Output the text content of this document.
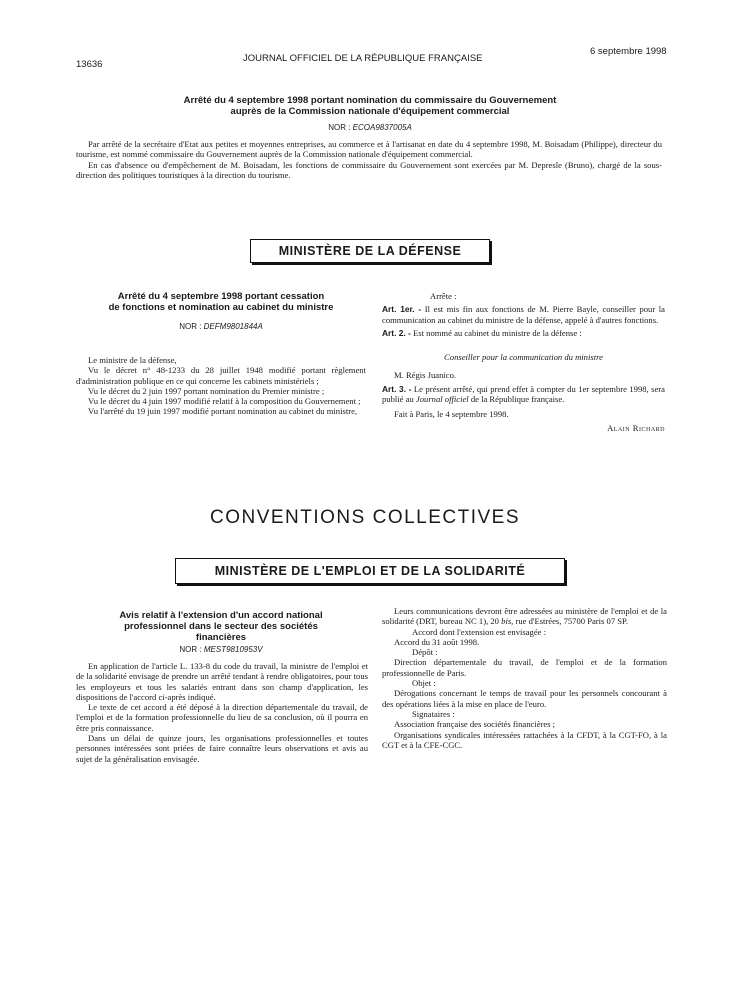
13636
JOURNAL OFFICIEL DE LA RÉPUBLIQUE FRANÇAISE
6 septembre 1998
Arrêté du 4 septembre 1998 portant nomination du commissaire du Gouvernement
auprès de la Commission nationale d'équipement commercial
NOR : ECOA9837005A

Par arrêté de la secrétaire d'Etat aux petites et moyennes entreprises, au commerce et à l'artisanat en date du 4 septembre 1998, M. Boisadam (Philippe), directeur du tourisme, est nommé commissaire du Gouvernement auprès de la Commission nationale d'équipement commercial.

En cas d'absence ou d'empêchement de M. Boisadam, les fonctions de commissaire du Gouvernement sont exercées par M. Depresle (Bruno), chargé de la sous-direction des politiques touristiques à la direction du tourisme.

MINISTÈRE DE LA DÉFENSE
Arrêté du 4 septembre 1998 portant cessation
de fonctions et nomination au cabinet du ministre
NOR : DEFM9801844A

Le ministre de la défense,

Vu le décret n° 48-1233 du 28 juillet 1948 modifié portant règlement d'administration publique en ce qui concerne les cabinets ministériels ;

Vu le décret du 2 juin 1997 portant nomination du Premier ministre ;

Vu le décret du 4 juin 1997 modifié relatif à la composition du Gouvernement ;

Vu l'arrêté du 19 juin 1997 modifié portant nomination au cabinet du ministre,

Arrête :

Art. 1er. - Il est mis fin aux fonctions de M. Pierre Bayle, conseiller pour la communication au cabinet du ministre de la défense, appelé à d'autres fonctions.

Art. 2. - Est nommé au cabinet du ministre de la défense :

Conseiller pour la communication du ministre

M. Régis Juanico.

Art. 3. - Le présent arrêté, qui prend effet à compter du 1er septembre 1998, sera publié au Journal officiel de la République française.

Fait à Paris, le 4 septembre 1998.

Alain Richard

CONVENTIONS COLLECTIVES
MINISTÈRE DE L'EMPLOI ET DE LA SOLIDARITÉ
Avis relatif à l'extension d'un accord national
professionnel dans le secteur des sociétés
financières
NOR : MEST9810953V

En application de l'article L. 133-8 du code du travail, la ministre de l'emploi et de la solidarité envisage de prendre un arrêté tendant à rendre obligatoires, pour tous les employeurs et tous les salariés entrant dans son champ d'application, les dispositions de l'accord ci-après indiqué.

Le texte de cet accord a été déposé à la direction départementale du travail, de l'emploi et de la formation professionnelle du lieu de sa conclusion, où il pourra en être pris connaissance.

Dans un délai de quinze jours, les organisations professionnelles et toutes personnes intéressées sont priées de faire connaître leurs observations et avis au sujet de la généralisation envisagée.

Leurs communications devront être adressées au ministère de l'emploi et de la solidarité (DRT, bureau NC 1), 20 bis, rue d'Estrées, 75700 Paris 07 SP.

Accord dont l'extension est envisagée :

Accord du 31 août 1998.

Dépôt :

Direction départementale du travail, de l'emploi et de la formation professionnelle de Paris.

Objet :

Dérogations concernant le temps de travail pour les personnels concourant à des opérations liées à la mise en place de l'euro.

Signataires :

Association française des sociétés financières ;

Organisations syndicales intéressées rattachées à la CFDT, à la CGT-FO, à la CGT et à la CFE-CGC.
